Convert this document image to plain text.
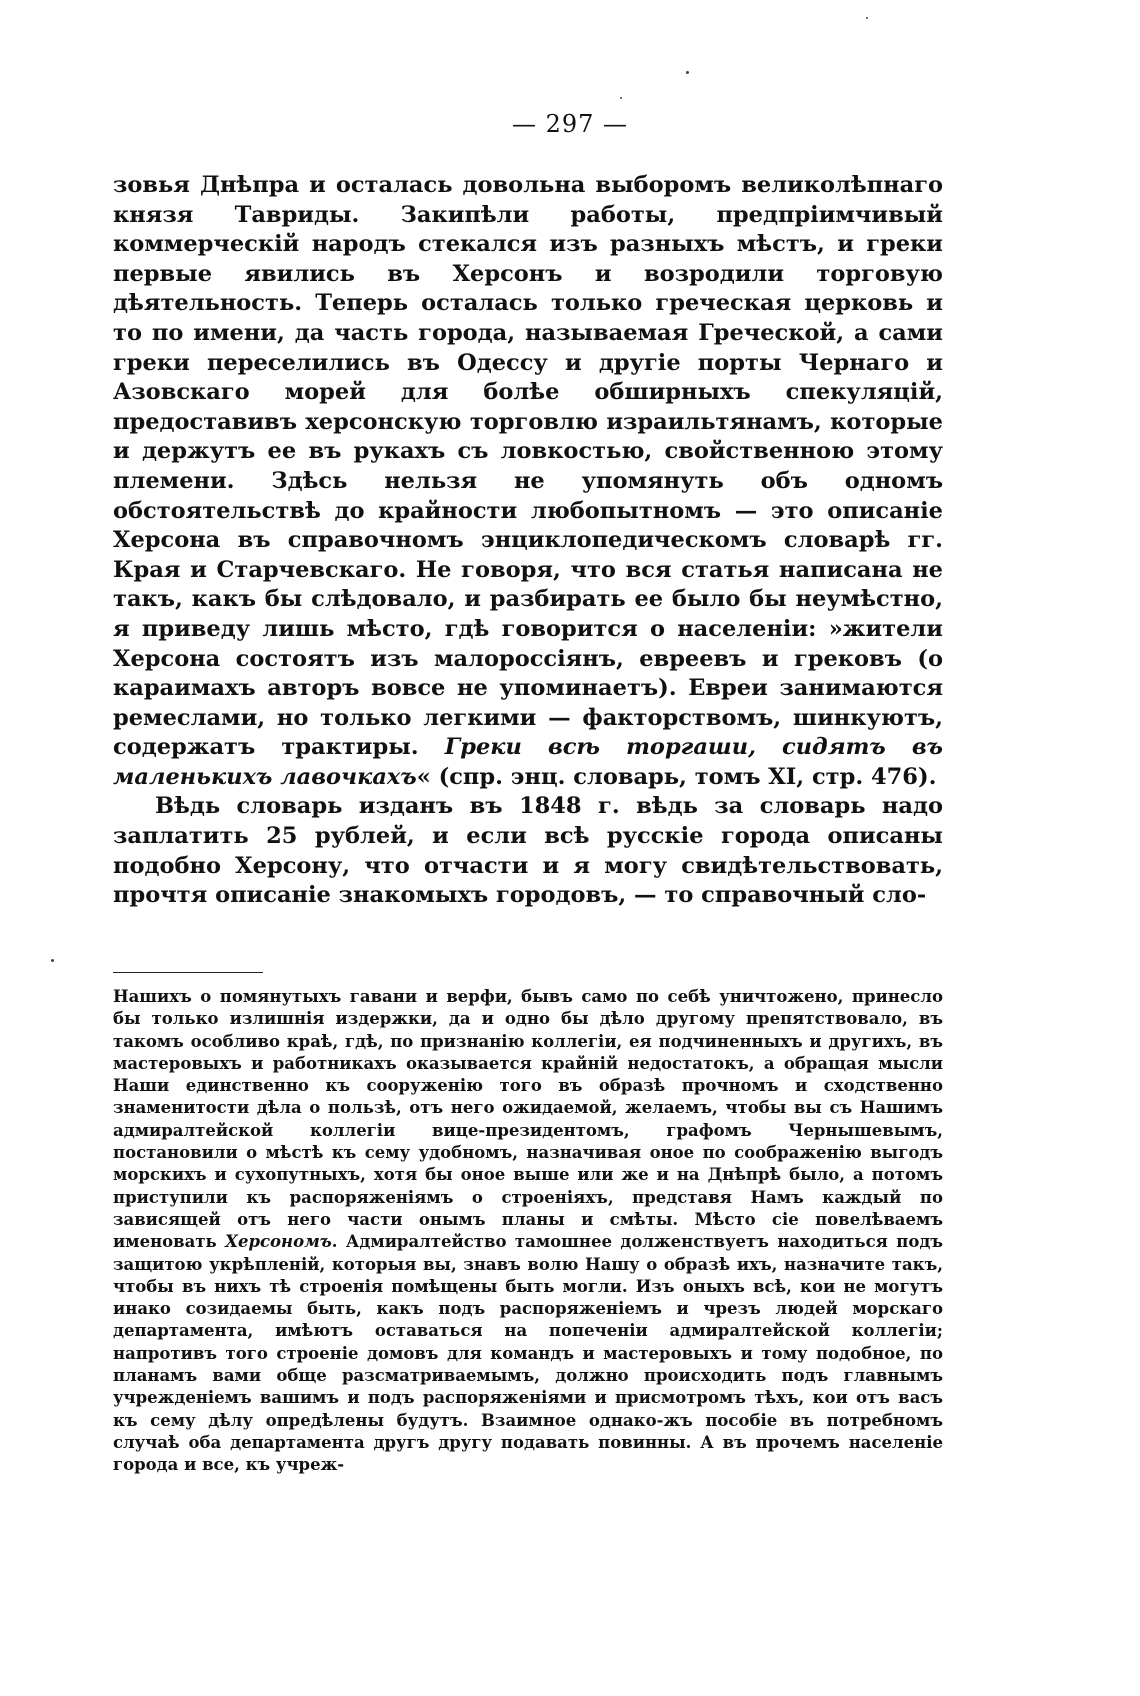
— 297 —

зовья Днѣпра и осталась довольна выборомъ великолѣпнаго князя Тавриды. Закипѣли работы, предпріимчивый коммерческій народъ стекался изъ разныхъ мѣстъ, и греки первые явились въ Херсонъ и возродили торговую дѣятельность. Теперь осталась только греческая церковь и то по имени, да часть города, называемая Греческой, а сами греки переселились въ Одессу и другіе порты Чернаго и Азовскаго морей для болѣе обширныхъ спекуляцій, предоставивъ херсонскую торговлю израильтянамъ, которые и держутъ ее въ рукахъ съ ловкостью, свойственною этому племени. Здѣсь нельзя не упомянуть объ одномъ обстоятельствѣ до крайности любопытномъ — это описаніе Херсона въ справочномъ энциклопедическомъ словарѣ гг. Края и Старчевскаго. Не говоря, что вся статья написана не такъ, какъ бы слѣдовало, и разбирать ее было бы неумѣстно, я приведу лишь мѣсто, гдѣ говорится о населеніи: »жители Херсона состоятъ изъ малороссіянъ, евреевъ и грековъ (о караимахъ авторъ вовсе не упоминаетъ). Евреи занимаются ремеслами, но только легкими — факторствомъ, шинкуютъ, содержатъ трактиры. Греки всѣ торгаши, сидятъ въ маленькихъ лавочкахъ« (спр. энц. словарь, томъ XI, стр. 476).

Вѣдь словарь изданъ въ 1848 г. вѣдь за словарь надо заплатить 25 рублей, и если всѣ русскіе города описаны подобно Херсону, что отчасти и я могу свидѣтельствовать, прочтя описаніе знакомыхъ городовъ, — то справочный сло-

Нашихъ о помянутыхъ гавани и верфи, бывъ само по себѣ уничтожено, принесло бы только излишнія издержки, да и одно бы дѣло другому препятствовало, въ такомъ особливо краѣ, гдѣ, по признанію коллегіи, ея подчиненныхъ и другихъ, въ мастеровыхъ и работникахъ оказывается крайній недостатокъ, а обращая мысли Наши единственно къ сооруженію того въ образѣ прочномъ и сходственно знаменитости дѣла о пользѣ, отъ него ожидаемой, желаемъ, чтобы вы съ Нашимъ адмиралтейской коллегіи вице-президентомъ, графомъ Чернышевымъ, постановили о мѣстѣ къ сему удобномъ, назначивая оное по соображенію выгодъ морскихъ и сухопутныхъ, хотя бы оное выше или же и на Днѣпрѣ было, а потомъ приступили къ распоряженіямъ о строеніяхъ, представя Намъ каждый по зависящей отъ него части онымъ планы и смѣты. Мѣсто сіе повелѣваемъ именовать Херсономъ. Адмиралтейство тамошнее долженствуетъ находиться подъ защитою укрѣпленій, которыя вы, знавъ волю Нашу о образѣ ихъ, назначите такъ, чтобы въ нихъ тѣ строенія помѣщены быть могли. Изъ оныхъ всѣ, кои не могутъ инако созидаемы быть, какъ подъ распоряженіемъ и чрезъ людей морскаго департамента, имѣютъ оставаться на попеченіи адмиралтейской коллегіи; напротивъ того строеніе домовъ для командъ и мастеровыхъ и тому подобное, по планамъ вами обще разсматриваемымъ, должно происходить подъ главнымъ учрежденіемъ вашимъ и подъ распоряженіями и присмотромъ тѣхъ, кои отъ васъ къ сему дѣлу опредѣлены будутъ. Взаимное однако-жъ пособіе въ потребномъ случаѣ оба департамента другъ другу подавать повинны. А въ прочемъ населеніе города и все, къ учреж-
